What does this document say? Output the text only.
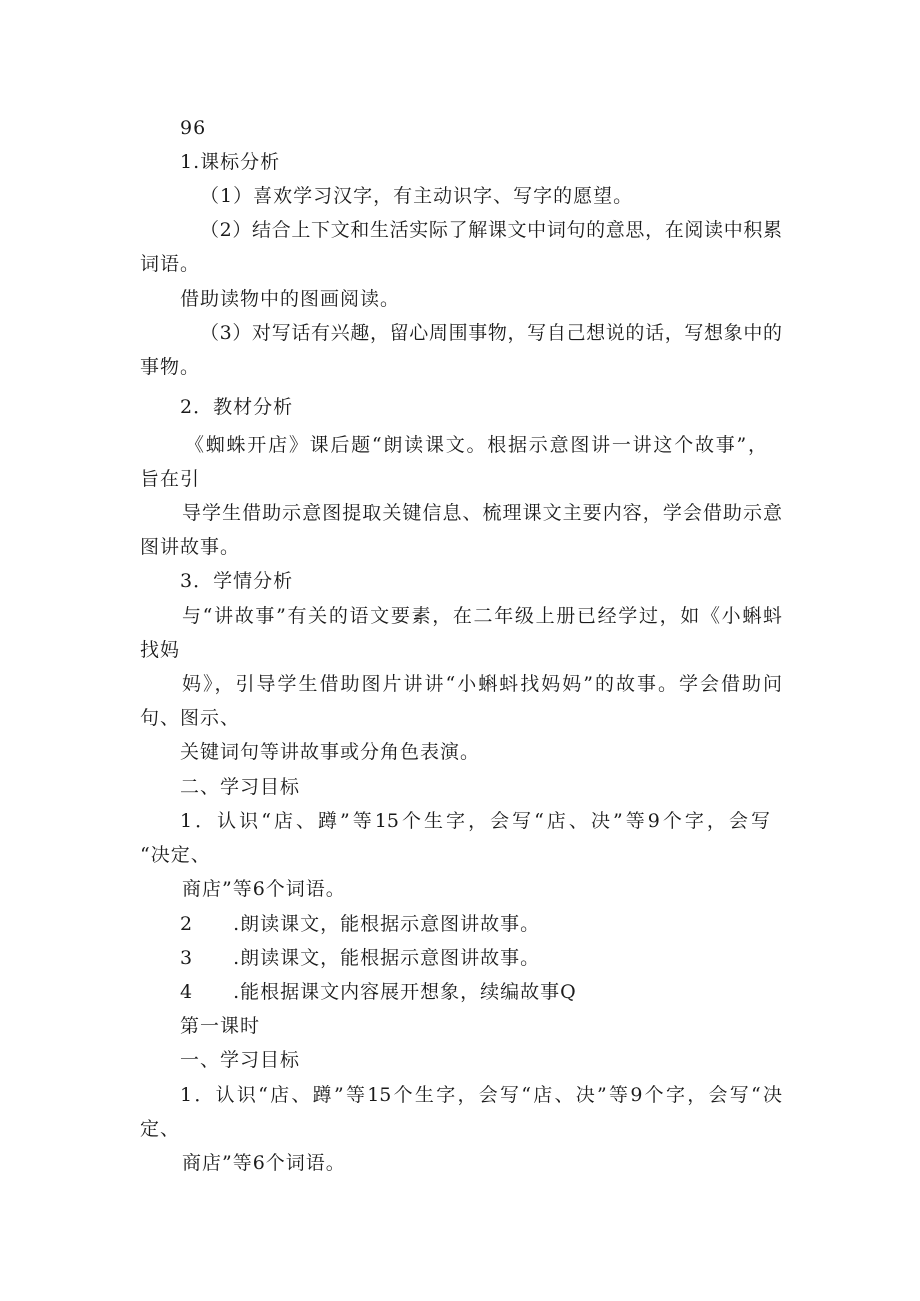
96
1.课标分析
（1）喜欢学习汉字，有主动识字、写字的愿望。
（2）结合上下文和生活实际了解课文中词句的意思，在阅读中积累
词语。
借助读物中的图画阅读。
（3）对写话有兴趣，留心周围事物，写自己想说的话，写想象中的
事物。
2．教材分析
《蜘蛛开店》课后题“朗读课文。根据示意图讲一讲这个故事”，
旨在引
导学生借助示意图提取关键信息、梳理课文主要内容，学会借助示意
图讲故事。
3．学情分析
与“讲故事”有关的语文要素，在二年级上册已经学过，如《小蝌蚪
找妈
妈》，引导学生借助图片讲讲“小蝌蚪找妈妈”的故事。学会借助问
句、图示、
关键词句等讲故事或分角色表演。
二、学习目标
1．认识“店、蹲”等15个生字，会写“店、决”等9个字，会写
“决定、
商店”等6个词语。
2　　.朗读课文，能根据示意图讲故事。
3　　.朗读课文，能根据示意图讲故事。
4　　.能根据课文内容展开想象，续编故事Q
第一课时
一、学习目标
1．认识“店、蹲”等15个生字，会写“店、决”等9个字，会写“决
定、
商店”等6个词语。
